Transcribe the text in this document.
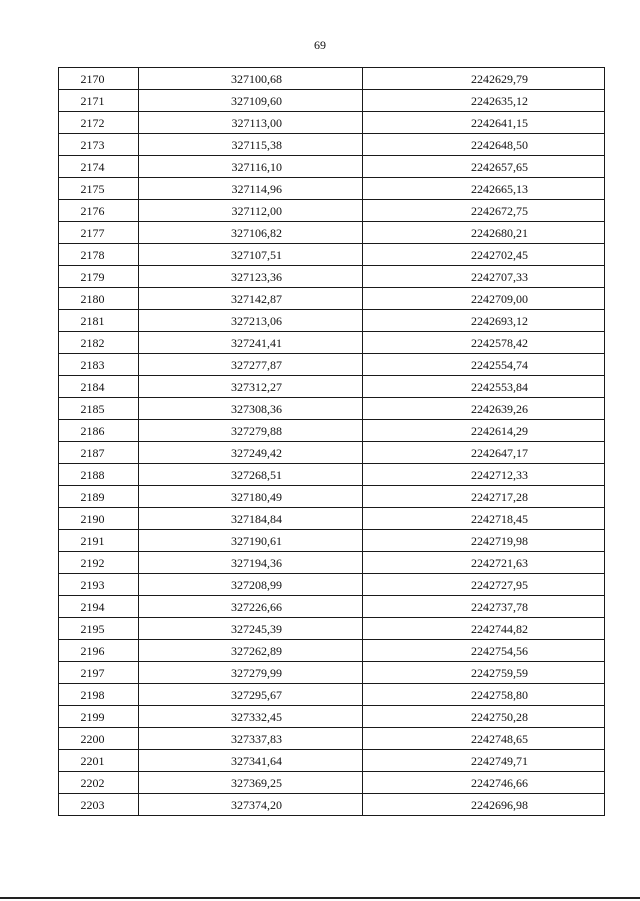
69
2170	327100,68	2242629,79
2171	327109,60	2242635,12
2172	327113,00	2242641,15
2173	327115,38	2242648,50
2174	327116,10	2242657,65
2175	327114,96	2242665,13
2176	327112,00	2242672,75
2177	327106,82	2242680,21
2178	327107,51	2242702,45
2179	327123,36	2242707,33
2180	327142,87	2242709,00
2181	327213,06	2242693,12
2182	327241,41	2242578,42
2183	327277,87	2242554,74
2184	327312,27	2242553,84
2185	327308,36	2242639,26
2186	327279,88	2242614,29
2187	327249,42	2242647,17
2188	327268,51	2242712,33
2189	327180,49	2242717,28
2190	327184,84	2242718,45
2191	327190,61	2242719,98
2192	327194,36	2242721,63
2193	327208,99	2242727,95
2194	327226,66	2242737,78
2195	327245,39	2242744,82
2196	327262,89	2242754,56
2197	327279,99	2242759,59
2198	327295,67	2242758,80
2199	327332,45	2242750,28
2200	327337,83	2242748,65
2201	327341,64	2242749,71
2202	327369,25	2242746,66
2203	327374,20	2242696,98
